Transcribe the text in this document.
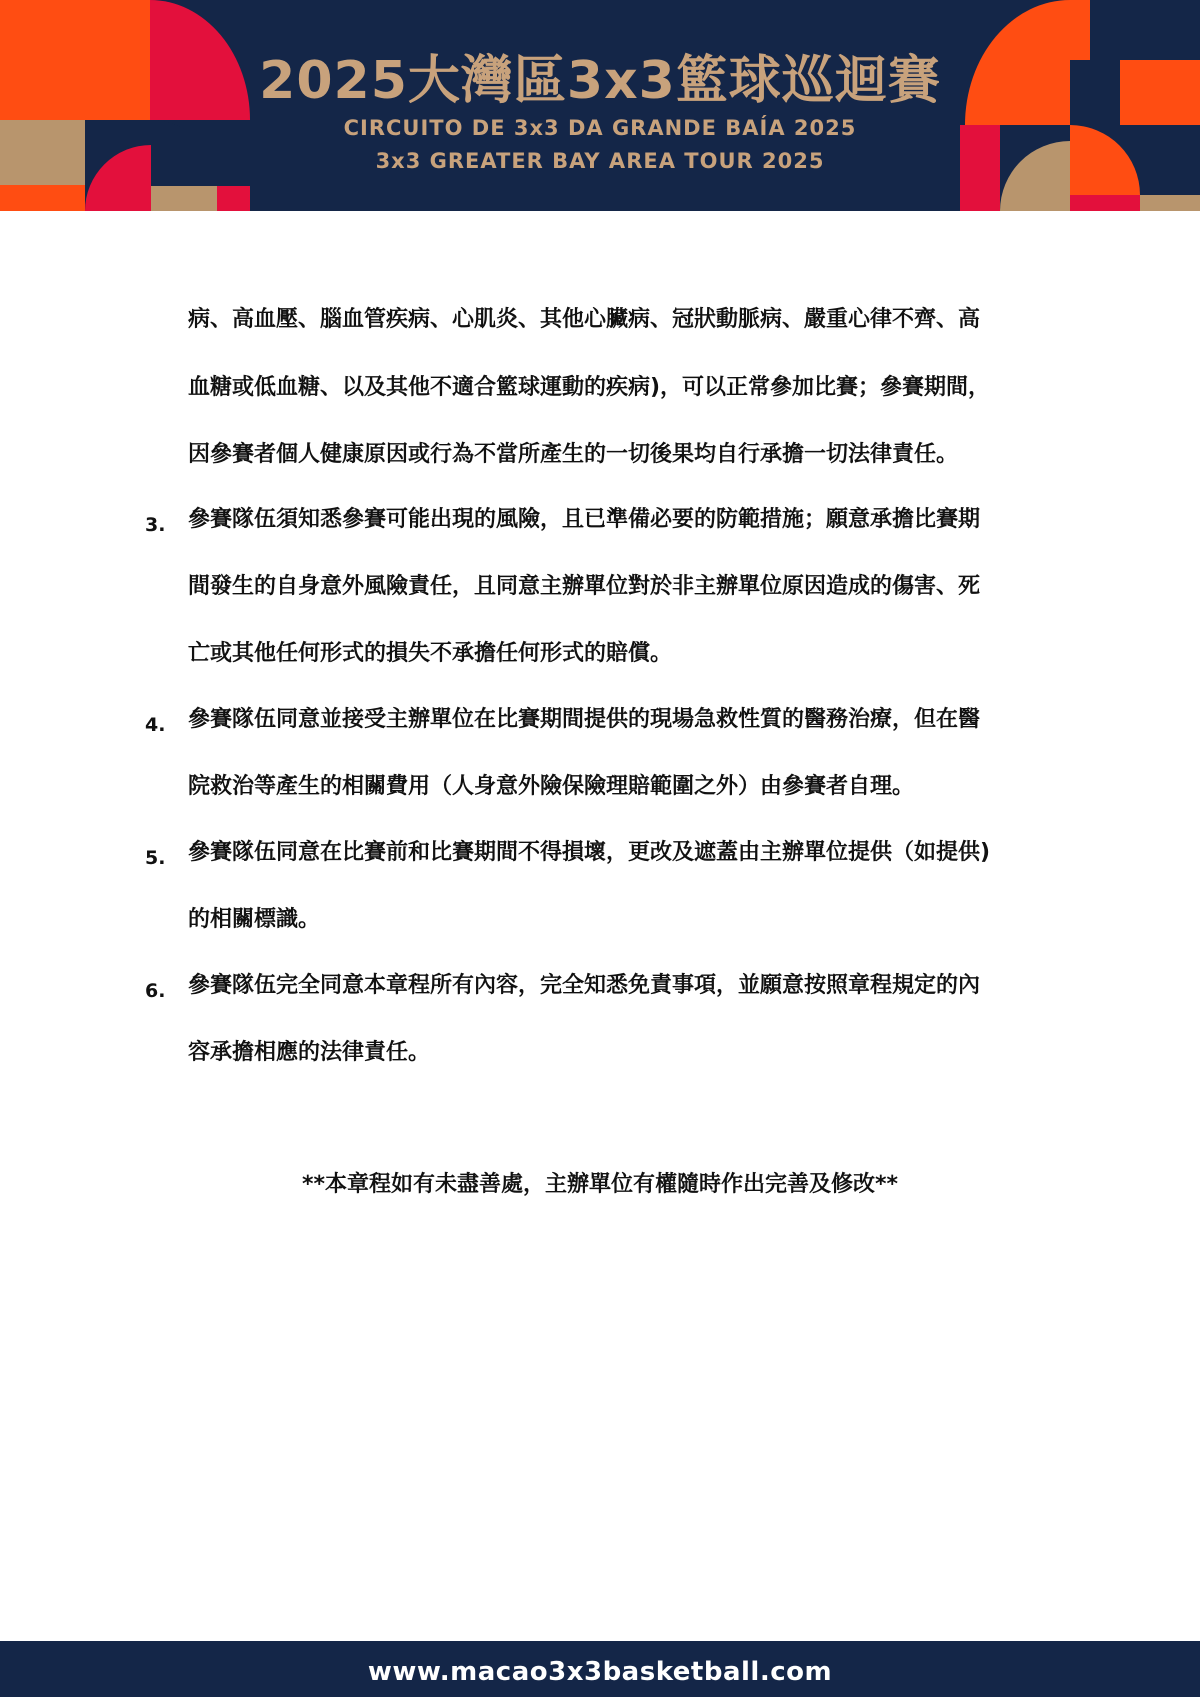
2025大灣區3x3籃球巡迴賽
CIRCUITO DE 3x3 DA GRANDE BAÍA 2025
3x3 GREATER BAY AREA TOUR 2025
病、高血壓、腦血管疾病、心肌炎、其他心臟病、冠狀動脈病、嚴重心律不齊、高
血糖或低血糖、以及其他不適合籃球運動的疾病)，可以正常參加比賽；參賽期間，
因參賽者個人健康原因或行為不當所產生的一切後果均自行承擔一切法律責任。
3.	參賽隊伍須知悉參賽可能出現的風險，且已準備必要的防範措施；願意承擔比賽期
間發生的自身意外風險責任，且同意主辦單位對於非主辦單位原因造成的傷害、死
亡或其他任何形式的損失不承擔任何形式的賠償。
4.	參賽隊伍同意並接受主辦單位在比賽期間提供的現場急救性質的醫務治療，但在醫
院救治等產生的相關費用（人身意外險保險理賠範圍之外）由參賽者自理。
5.	參賽隊伍同意在比賽前和比賽期間不得損壞，更改及遮蓋由主辦單位提供（如提供)
的相關標識。
6.	參賽隊伍完全同意本章程所有內容，完全知悉免責事項，並願意按照章程規定的內
容承擔相應的法律責任。
**本章程如有未盡善處，主辦單位有權隨時作出完善及修改**
www.macao3x3basketball.com
